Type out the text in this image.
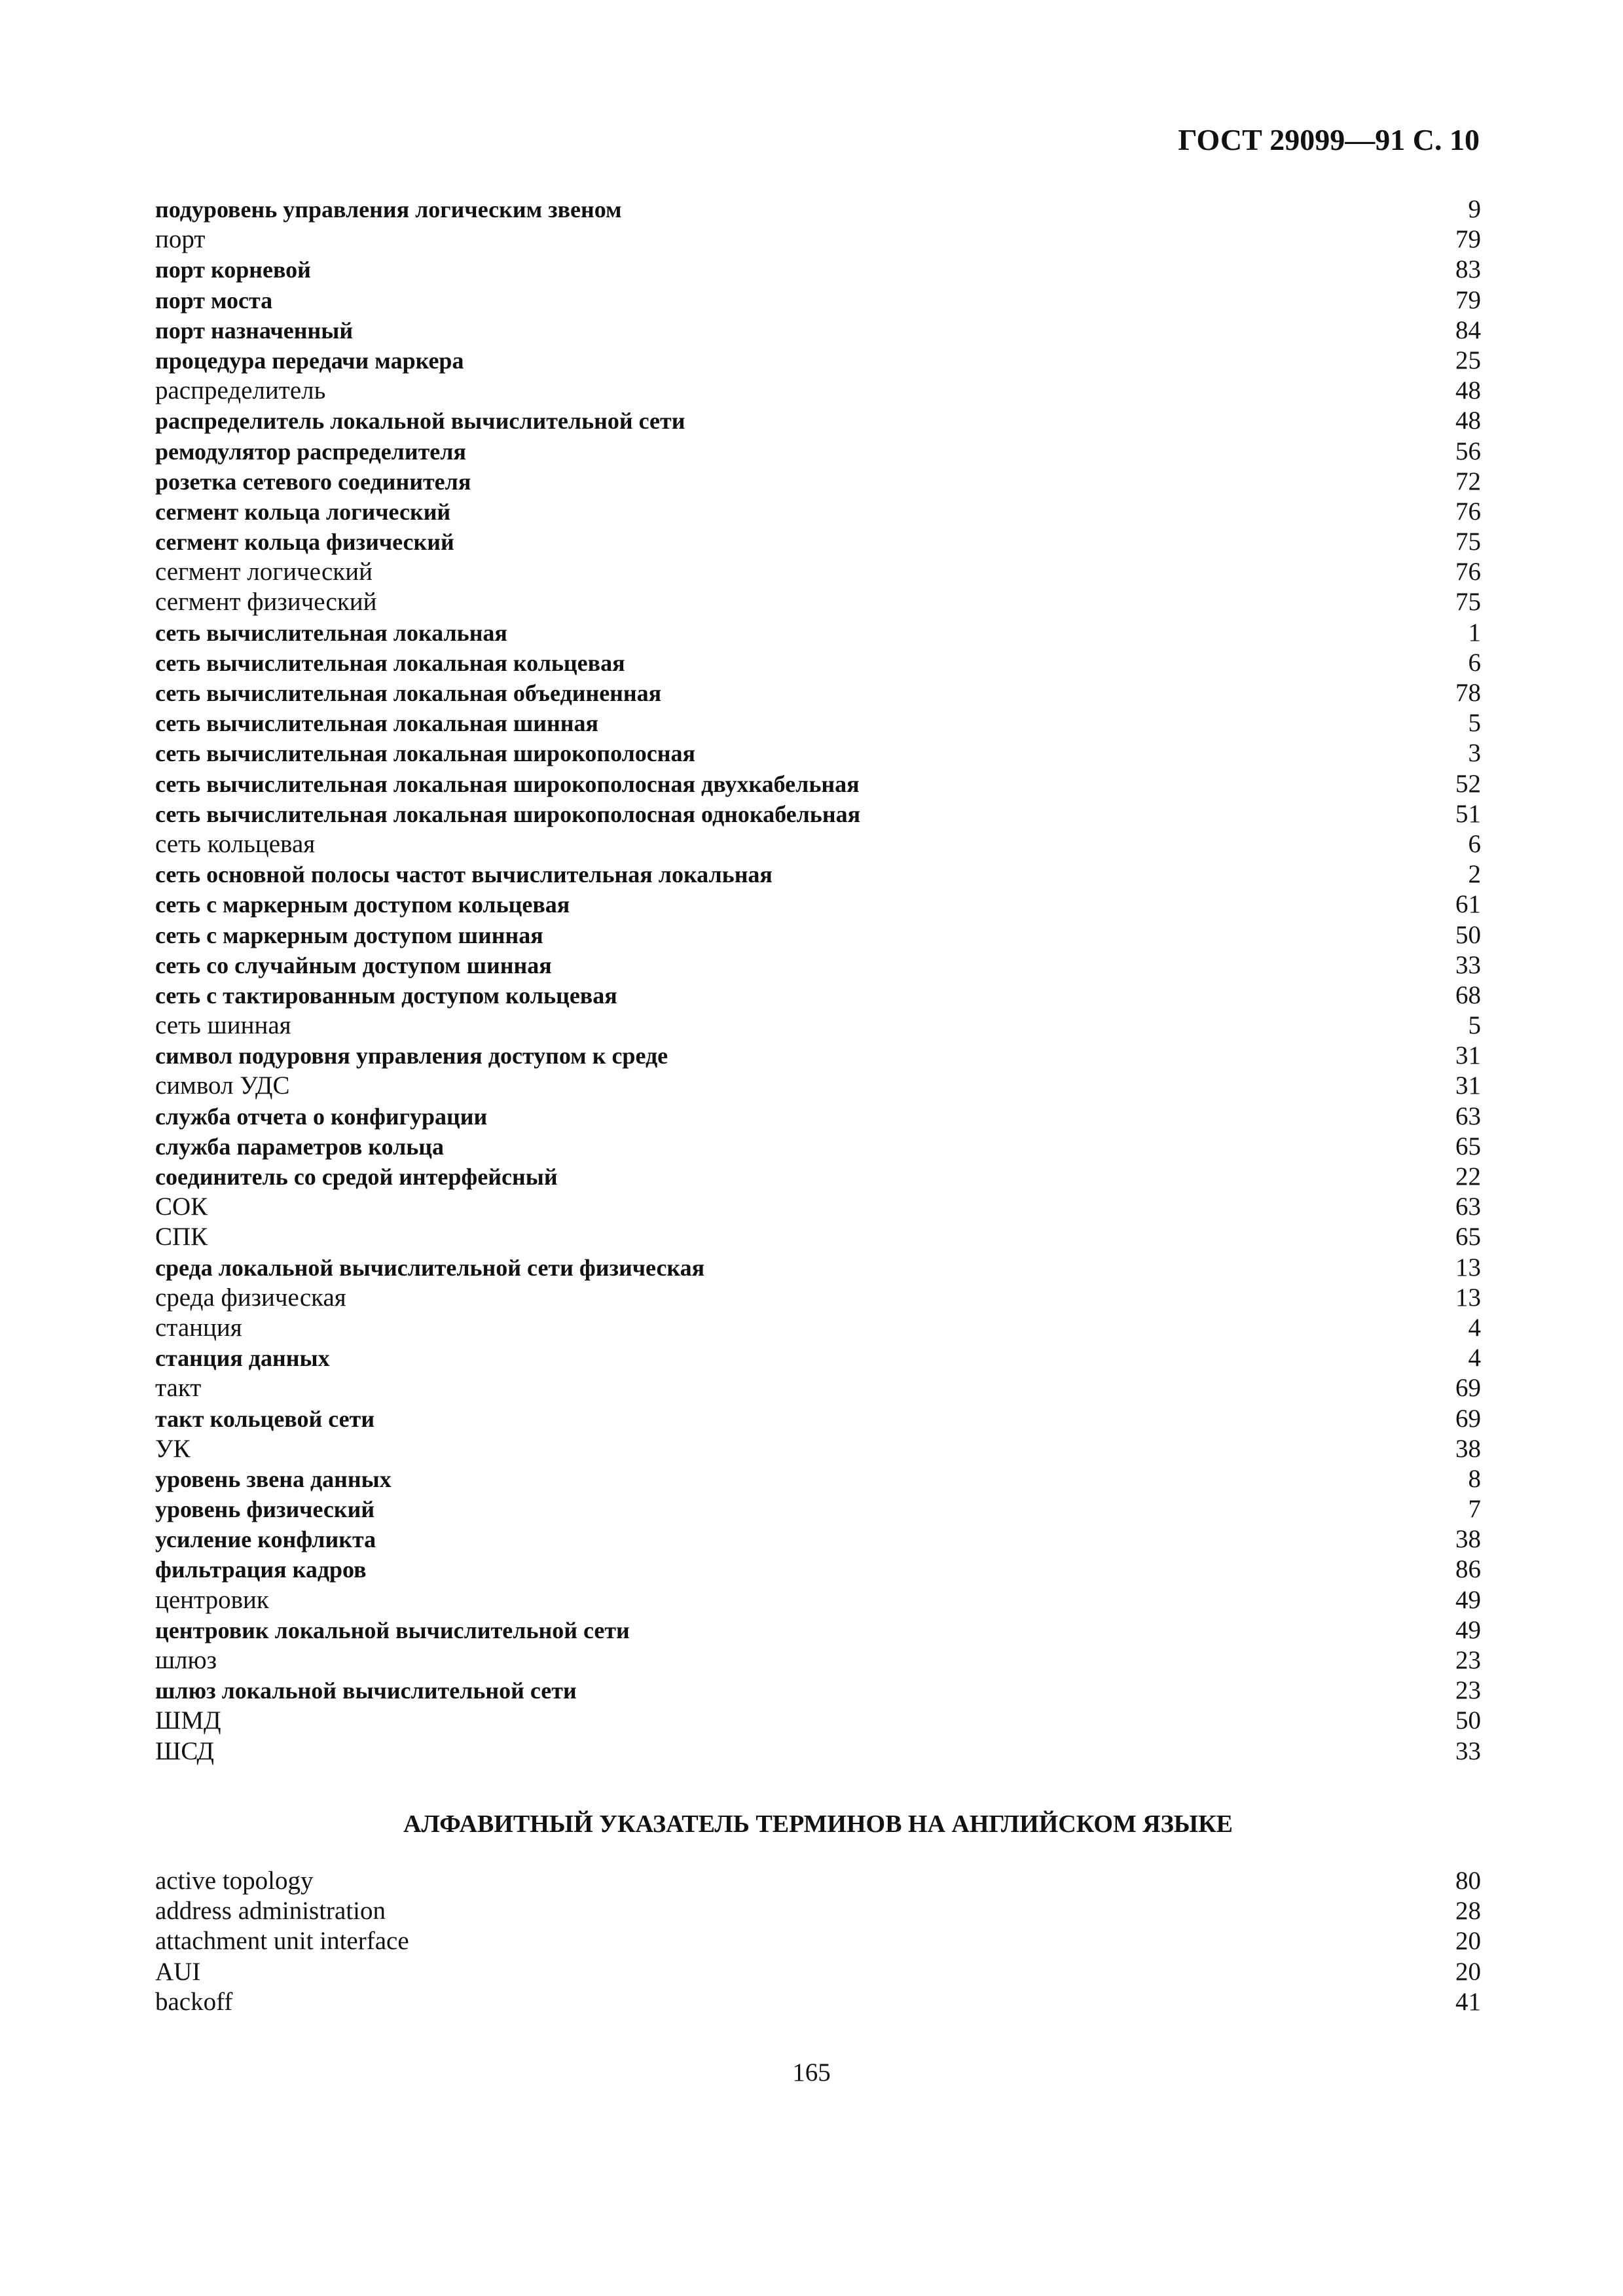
ГОСТ 29099—91 С. 10
подуровень управления логическим звеном	9
порт	79
порт корневой	83
порт моста	79
порт назначенный	84
процедура передачи маркера	25
распределитель	48
распределитель локальной вычислительной сети	48
ремодулятор распределителя	56
розетка сетевого соединителя	72
сегмент кольца логический	76
сегмент кольца физический	75
сегмент логический	76
сегмент физический	75
сеть вычислительная локальная	1
сеть вычислительная локальная кольцевая	6
сеть вычислительная локальная объединенная	78
сеть вычислительная локальная шинная	5
сеть вычислительная локальная широкополосная	3
сеть вычислительная локальная широкополосная двухкабельная	52
сеть вычислительная локальная широкополосная однокабельная	51
сеть кольцевая	6
сеть основной полосы частот вычислительная локальная	2
сеть с маркерным доступом кольцевая	61
сеть с маркерным доступом шинная	50
сеть со случайным доступом шинная	33
сеть с тактированным доступом кольцевая	68
сеть шинная	5
символ подуровня управления доступом к среде	31
символ УДС	31
служба отчета о конфигурации	63
служба параметров кольца	65
соединитель со средой интерфейсный	22
СОК	63
СПК	65
среда локальной вычислительной сети физическая	13
среда физическая	13
станция	4
станция данных	4
такт	69
такт кольцевой сети	69
УК	38
уровень звена данных	8
уровень физический	7
усиление конфликта	38
фильтрация кадров	86
центровик	49
центровик локальной вычислительной сети	49
шлюз	23
шлюз локальной вычислительной сети	23
ШМД	50
ШСД	33
АЛФАВИТНЫЙ УКАЗАТЕЛЬ ТЕРМИНОВ НА АНГЛИЙСКОМ ЯЗЫКЕ
active topology	80
address administration	28
attachment unit interface	20
AUI	20
backoff	41
165
